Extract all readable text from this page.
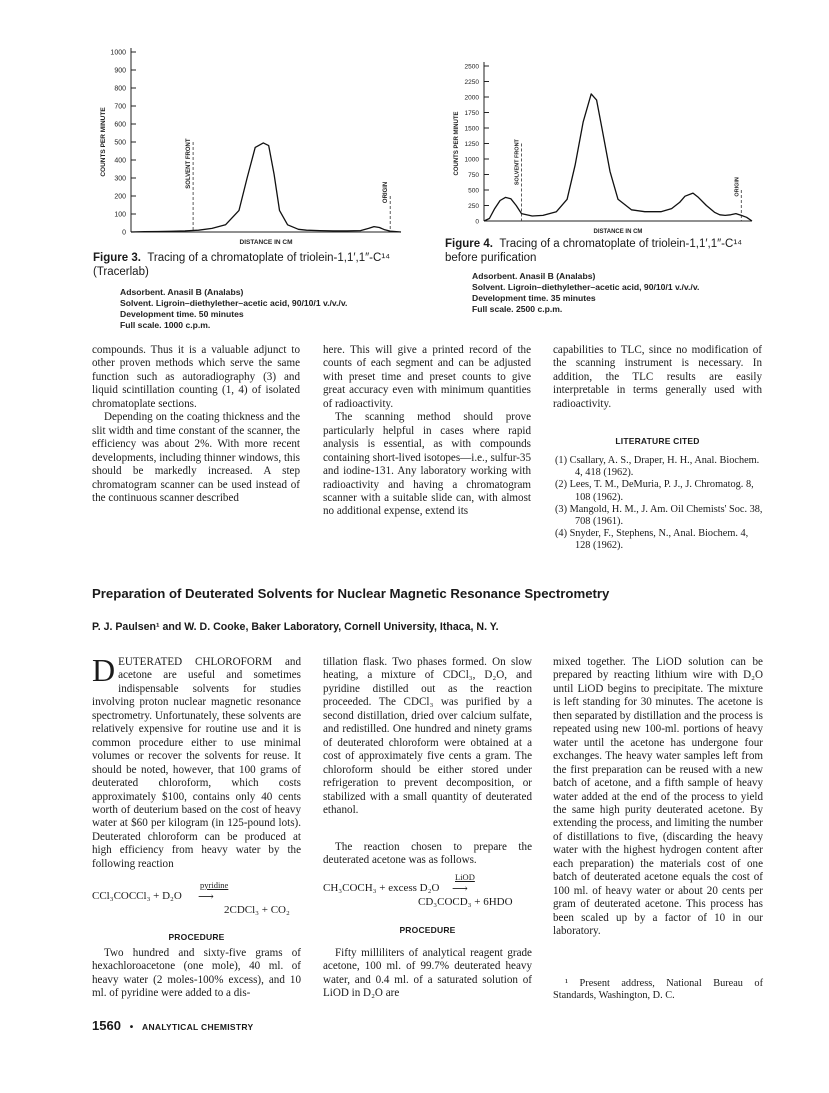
0
100
200
300
400
500
600
700
800
900
1000
COUNTS PER MINUTE
DISTANCE IN CM
SOLVENT FRONT
ORIGIN
Figure 3. Tracing of a chromatoplate of triolein-1,1′,1″-C¹⁴ (Tracerlab)
Adsorbent. Anasil B (Analabs)
Solvent. Ligroin–diethylether–acetic acid, 90/10/1 v./v./v.
Development time. 50 minutes
Full scale. 1000 c.p.m.
0
250
500
750
1000
1250
1500
1750
2000
2250
2500
COUNTS PER MINUTE
DISTANCE IN CM
SOLVENT FRONT
ORIGIN
Figure 4. Tracing of a chromatoplate of triolein-1,1′,1″-C¹⁴ before purification
Adsorbent. Anasil B (Analabs)
Solvent. Ligroin–diethylether–acetic acid, 90/10/1 v./v./v.
Development time. 35 minutes
Full scale. 2500 c.p.m.

compounds. Thus it is a valuable adjunct to other proven methods which serve the same function such as autoradiography (3) and liquid scintillation counting (1, 4) of isolated chromatoplate sections.

Depending on the coating thickness and the slit width and time constant of the scanner, the efficiency was about 2%. With more recent developments, including thinner windows, this should be markedly increased. A step chromatogram scanner can be used instead of the continuous scanner described

here. This will give a printed record of the counts of each segment and can be adjusted with preset time and preset counts to give great accuracy even with minimum quantities of radioactivity.

The scanning method should prove particularly helpful in cases where rapid analysis is essential, as with compounds containing short-lived isotopes—i.e., sulfur-35 and iodine-131. Any laboratory working with radioactivity and having a chromatogram scanner with a suitable slide can, with almost no additional expense, extend its

capabilities to TLC, since no modification of the scanning instrument is necessary. In addition, the TLC results are easily interpretable in terms generally used with radioactivity.

LITERATURE CITED
(1) Csallary, A. S., Draper, H. H., Anal. Biochem. 4, 418 (1962).
(2) Lees, T. M., DeMuria, P. J., J. Chromatog. 8, 108 (1962).
(3) Mangold, H. M., J. Am. Oil Chemists' Soc. 38, 708 (1961).
(4) Snyder, F., Stephens, N., Anal. Biochem. 4, 128 (1962).
Preparation of Deuterated Solvents for Nuclear Magnetic Resonance Spectrometry
P. J. Paulsen¹ and W. D. Cooke, Baker Laboratory, Cornell University, Ithaca, N. Y.

DEUTERATED CHLOROFORM and acetone are useful and sometimes indispensable solvents for studies involving proton nuclear magnetic resonance spectrometry. Unfortunately, these solvents are relatively expensive for routine use and it is common procedure either to use minimal volumes or recover the solvents for reuse. It should be noted, however, that 100 grams of deuterated chloroform, which costs approximately $100, contains only 40 cents worth of deuterium based on the cost of heavy water at $60 per kilogram (in 125-pound lots). Deuterated chloroform can be produced at high efficiency from heavy water by the following reaction

CCl₃COCCl₃ + D₂O
pyridine
⟶
2CDCl₃ + CO₂
PROCEDURE

Two hundred and sixty-five grams of hexachloroacetone (one mole), 40 ml. of heavy water (2 moles-100% excess), and 10 ml. of pyridine were added to a dis-

tillation flask. Two phases formed. On slow heating, a mixture of CDCl₃, D₂O, and pyridine distilled out as the reaction proceeded. The CDCl₃ was purified by a second distillation, dried over calcium sulfate, and redistilled. One hundred and ninety grams of deuterated chloroform were obtained at a cost of approximately five cents a gram. The chloroform should be either stored under refrigeration to prevent decomposition, or stabilized with a small quantity of deuterated ethanol.

The reaction chosen to prepare the deuterated acetone was as follows.

CH₃COCH₃ + excess D₂O
LiOD
⟶
CD₃COCD₃ + 6HDO
PROCEDURE

Fifty milliliters of analytical reagent grade acetone, 100 ml. of 99.7% deuterated heavy water, and 0.4 ml. of a saturated solution of LiOD in D₂O are

mixed together. The LiOD solution can be prepared by reacting lithium wire with D₂O until LiOD begins to precipitate. The mixture is left standing for 30 minutes. The acetone is then separated by distillation and the process is repeated using new 100-ml. portions of heavy water until the acetone has undergone four exchanges. The heavy water samples left from the first preparation can be reused with a new batch of acetone, and a fifth sample of heavy water added at the end of the process to yield the same high purity deuterated acetone. By extending the process, and limiting the number of distillations to five, (discarding the heavy water with the highest hydrogen content after each preparation) the materials cost of one batch of deuterated acetone equals the cost of 100 ml. of heavy water or about 20 cents per gram of deuterated acetone. This process has been scaled up by a factor of 10 in our laboratory.

¹ Present address, National Bureau of Standards, Washington, D. C.

1560 • ANALYTICAL CHEMISTRY
